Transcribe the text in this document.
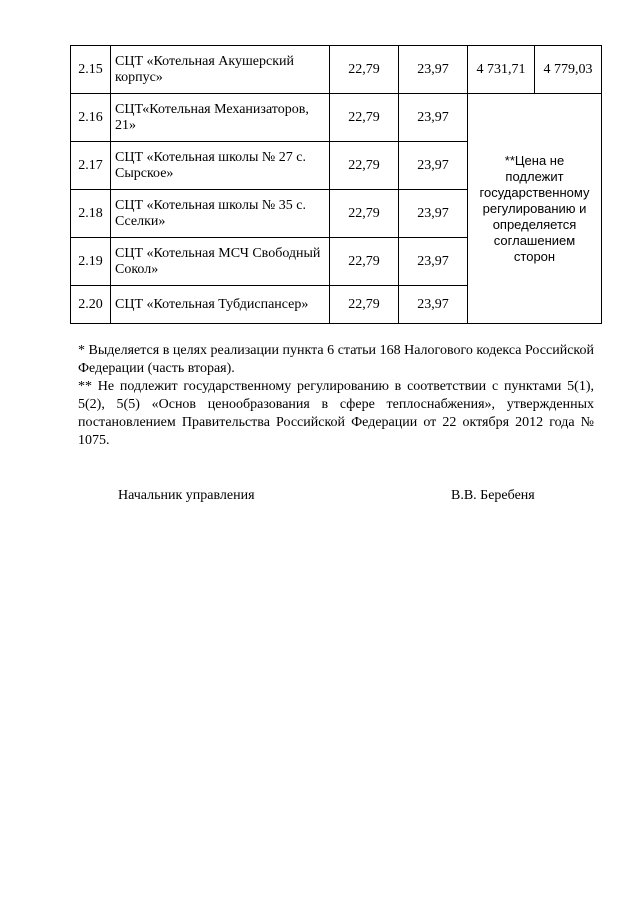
2.15	СЦТ «Котельная Акушерский корпус»	22,79	23,97	4 731,71	4 779,03
2.16	СЦТ«Котельная Механизаторов, 21»	22,79	23,97	**Цена не подлежит государственному регулированию и определяется соглашением сторон	

2.17	СЦТ «Котельная школы № 27 с. Сырское»	22,79	23,97		
2.18	СЦТ «Котельная школы № 35 с. Сселки»	22,79	23,97		
2.19	СЦТ «Котельная МСЧ Свободный Сокол»	22,79	23,97		
2.20	СЦТ «Котельная Тубдиспансер»	22,79	23,97		

* Выделяется в целях реализации пункта 6 статьи 168 Налогового кодекса Российской Федерации (часть вторая).

** Не подлежит государственному регулированию в соответствии с пунктами 5(1), 5(2), 5(5) «Основ ценообразования в сфере теплоснабжения», утвержденных постановлением Правительства Российской Федерации от 22 октября 2012 года № 1075.

Начальник управления	В.В. Беребеня
